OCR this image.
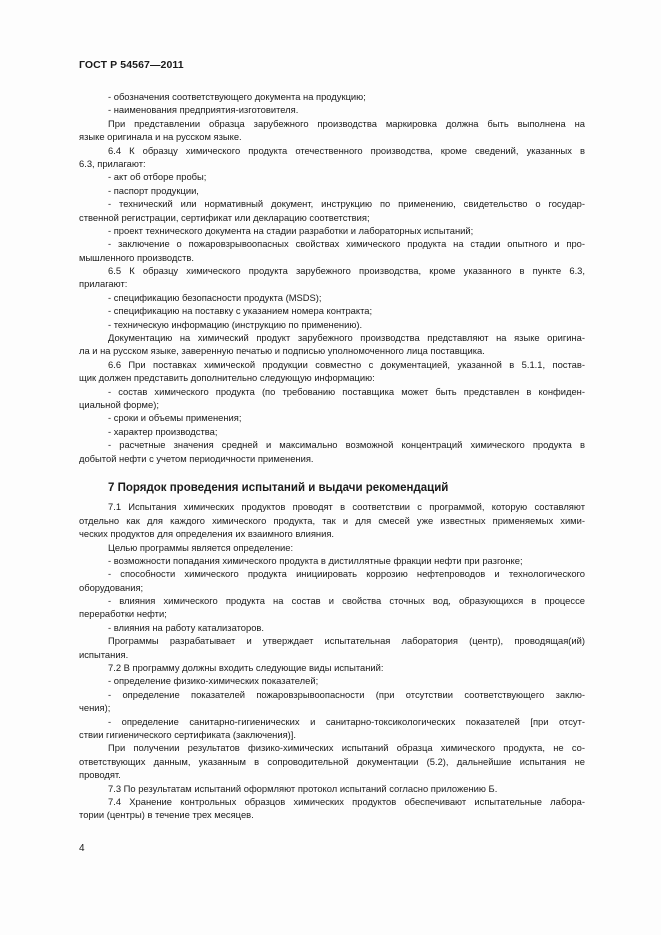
ГОСТ Р 54567—2011
- обозначения соответствующего документа на продукцию;
- наименования предприятия-изготовителя.
При представлении образца зарубежного производства маркировка должна быть выполнена на
языке оригинала и на русском языке.
6.4 К образцу химического продукта отечественного производства, кроме сведений, указанных в
6.3, прилагают:
- акт об отборе пробы;
- паспорт продукции,
- технический или нормативный документ, инструкцию по применению, свидетельство о государ-
ственной регистрации, сертификат или декларацию соответствия;
- проект технического документа на стадии разработки и лабораторных испытаний;
- заключение о пожаровзрывоопасных свойствах химического продукта на стадии опытного и про-
мышленного производств.
6.5 К образцу химического продукта зарубежного производства, кроме указанного в пункте 6.3,
прилагают:
- спецификацию безопасности продукта (MSDS);
- спецификацию на поставку с указанием номера контракта;
- техническую информацию (инструкцию по применению).
Документацию на химический продукт зарубежного производства представляют на языке оригина-
ла и на русском языке, заверенную печатью и подписью уполномоченного лица поставщика.
6.6 При поставках химической продукции совместно с документацией, указанной в 5.1.1, постав-
щик должен представить дополнительно следующую информацию:
- состав химического продукта (по требованию поставщика может быть представлен в конфиден-
циальной форме);
- сроки и объемы применения;
- характер производства;
- расчетные значения средней и максимально возможной концентраций химического продукта в
добытой нефти с учетом периодичности применения.
7 Порядок проведения испытаний и выдачи рекомендаций
7.1 Испытания химических продуктов проводят в соответствии с программой, которую составляют
отдельно как для каждого химического продукта, так и для смесей уже известных применяемых хими-
ческих продуктов для определения их взаимного влияния.
Целью программы является определение:
- возможности попадания химического продукта в дистиллятные фракции нефти при разгонке;
- способности химического продукта инициировать коррозию нефтепроводов и технологического
оборудования;
- влияния химического продукта на состав и свойства сточных вод, образующихся в процессе
переработки нефти;
- влияния на работу катализаторов.
Программы разрабатывает и утверждает испытательная лаборатория (центр), проводящая(ий)
испытания.
7.2 В программу должны входить следующие виды испытаний:
- определение физико-химических показателей;
- определение показателей пожаровзрывоопасности (при отсутствии соответствующего заклю-
чения);
- определение санитарно-гигиенических и санитарно-токсикологических показателей [при отсут-
ствии гигиенического сертификата (заключения)].
При получении результатов физико-химических испытаний образца химического продукта, не со-
ответствующих данным, указанным в сопроводительной документации (5.2), дальнейшие испытания не
проводят.
7.3 По результатам испытаний оформляют протокол испытаний согласно приложению Б.
7.4 Хранение контрольных образцов химических продуктов обеспечивают испытательные лабора-
тории (центры) в течение трех месяцев.
4
